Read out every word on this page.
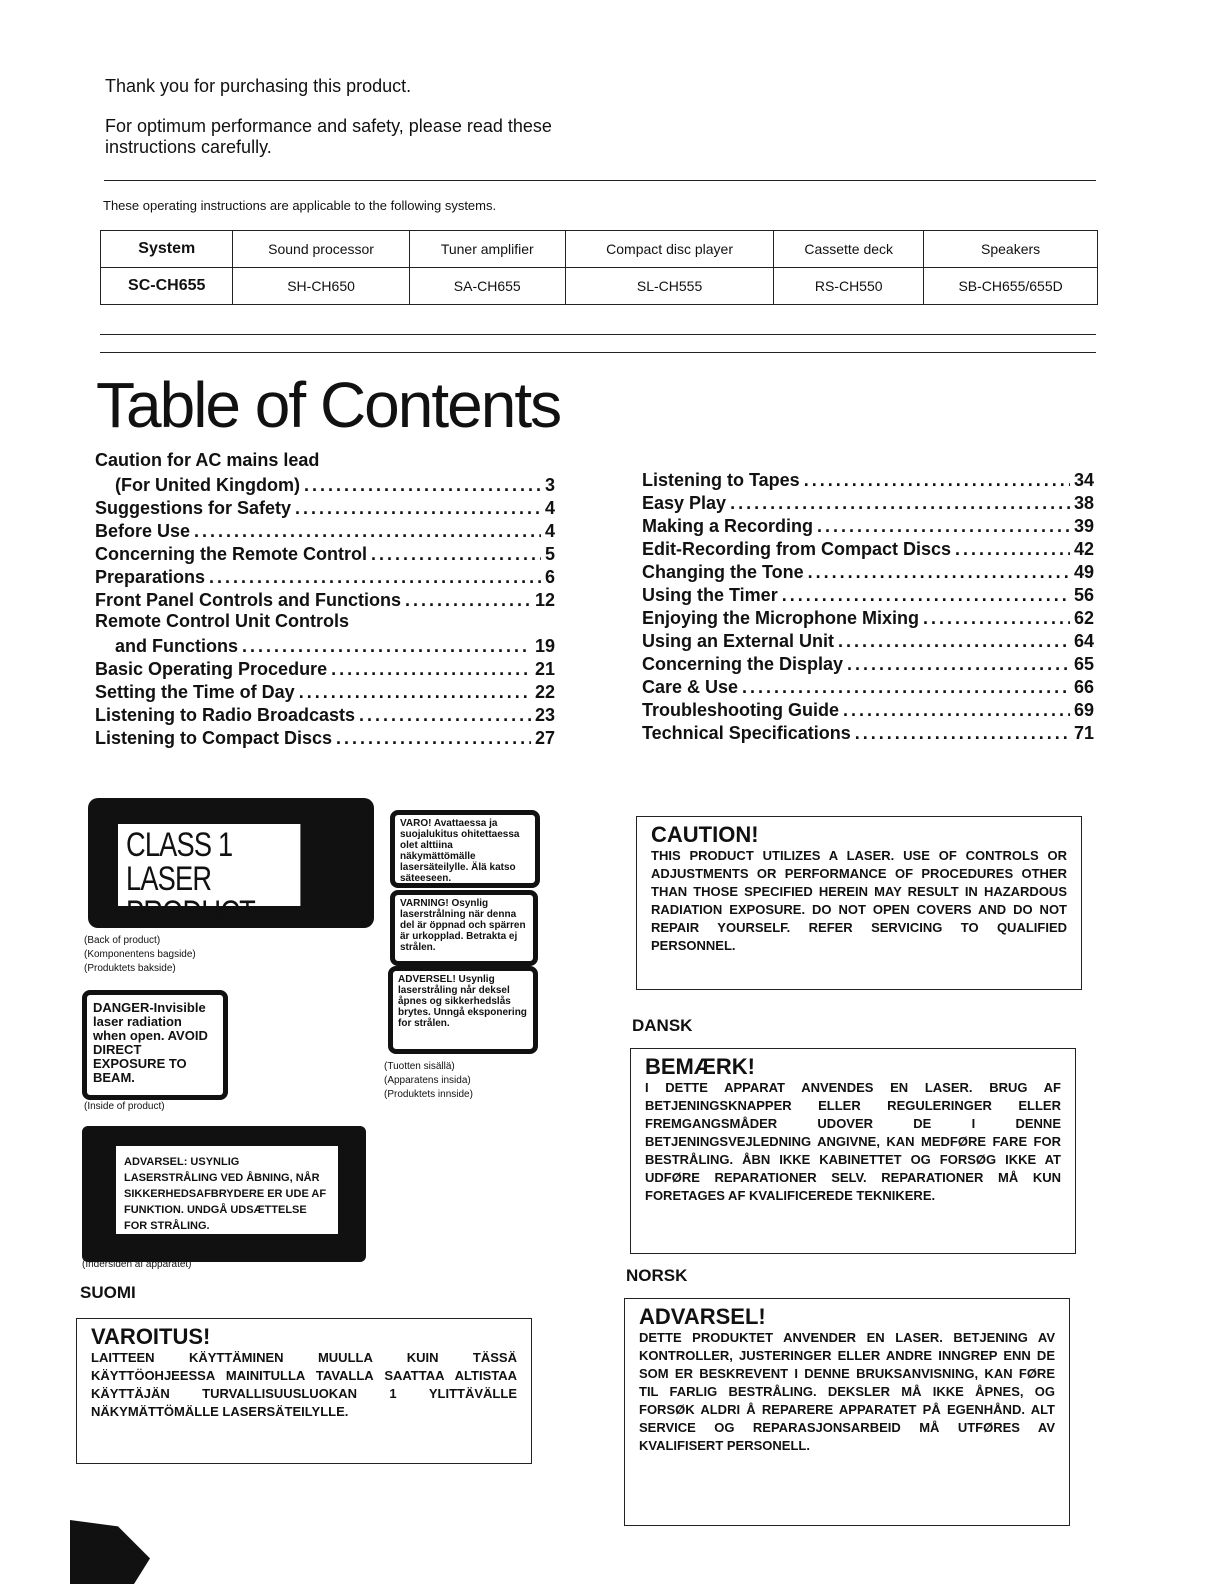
Thank you for purchasing this product.
For optimum performance and safety, please read these instructions carefully.
These operating instructions are applicable to the following systems.
System	Sound processor	Tuner amplifier	Compact disc player	Cassette deck	Speakers
SC-CH655	SH-CH650	SA-CH655	SL-CH555	RS-CH550	SB-CH655/655D
Table of Contents
Caution for AC mains lead
(For United Kingdom) .....	3
Suggestions for Safety .....	4
Before Use .....	4
Concerning the Remote Control .....	5
Preparations .....	6
Front Panel Controls and Functions .....	12
Remote Control Unit Controls
and Functions .....	19
Basic Operating Procedure .....	21
Setting the Time of Day .....	22
Listening to Radio Broadcasts .....	23
Listening to Compact Discs .....	27
Listening to Tapes .....	34
Easy Play .....	38
Making a Recording .....	39
Edit-Recording from Compact Discs .....	42
Changing the Tone .....	49
Using the Timer .....	56
Enjoying the Microphone Mixing .....	62
Using an External Unit .....	64
Concerning the Display .....	65
Care & Use .....	66
Troubleshooting Guide .....	69
Technical Specifications .....	71
CLASS 1
LASER PRODUCT
(Back of product)
(Komponentens bagside)
(Produktets bakside)
VARO! Avattaessa ja suojalukitus ohitettaessa olet alttiina näkymättömälle lasersäteilylle. Älä katso säteeseen.
VARNING! Osynlig laserstrålning när denna del är öppnad och spärren är urkopplad. Betrakta ej strålen.
ADVERSEL! Usynlig laserstråling når deksel åpnes og sikkerhedslås brytes. Unngå eksponering for strålen.
(Tuotten sisällä)
(Apparatens insida)
(Produktets innside)
DANGER-Invisible laser radiation when open. AVOID DIRECT EXPOSURE TO BEAM.
(Inside of product)
ADVARSEL: USYNLIG LASERSTRÅLING VED ÅBNING, NÅR SIKKERHEDSAFBRYDERE ER UDE AF FUNKTION. UNDGÅ UDSÆTTELSE FOR STRÅLING.
(Indersiden af apparatet)
SUOMI
VAROITUS!
LAITTEEN KÄYTTÄMINEN MUULLA KUIN TÄSSÄ KÄYTTÖOHJEESSA MAINITULLA TAVALLA SAATTAA ALTISTAA KÄYTTÄJÄN TURVALLISUUSLUOKAN 1 YLITTÄVÄLLE NÄKYMÄTTÖMÄLLE LASERSÄTEILYLLE.
CAUTION!
THIS PRODUCT UTILIZES A LASER. USE OF CONTROLS OR ADJUSTMENTS OR PERFORMANCE OF PROCEDURES OTHER THAN THOSE SPECIFIED HEREIN MAY RESULT IN HAZARDOUS RADIATION EXPOSURE. DO NOT OPEN COVERS AND DO NOT REPAIR YOURSELF. REFER SERVICING TO QUALIFIED PERSONNEL.
DANSK
BEMÆRK!
I DETTE APPARAT ANVENDES EN LASER. BRUG AF BETJENINGSKNAPPER ELLER REGULERINGER ELLER FREMGANGSMÅDER UDOVER DE I DENNE BETJENINGSVEJLEDNING ANGIVNE, KAN MEDFØRE FARE FOR BESTRÅLING. ÅBN IKKE KABINETTET OG FORSØG IKKE AT UDFØRE REPARATIONER SELV. REPARATIONER MÅ KUN FORETAGES AF KVALIFICEREDE TEKNIKERE.
NORSK
ADVARSEL!
DETTE PRODUKTET ANVENDER EN LASER. BETJENING AV KONTROLLER, JUSTERINGER ELLER ANDRE INNGREP ENN DE SOM ER BESKREVENT I DENNE BRUKSANVISNING, KAN FØRE TIL FARLIG BESTRÅLING. DEKSLER MÅ IKKE ÅPNES, OG FORSØK ALDRI Å REPARERE APPARATET PÅ EGENHÅND. ALT SERVICE OG REPARASJONSARBEID MÅ UTFØRES AV KVALIFISERT PERSONELL.
